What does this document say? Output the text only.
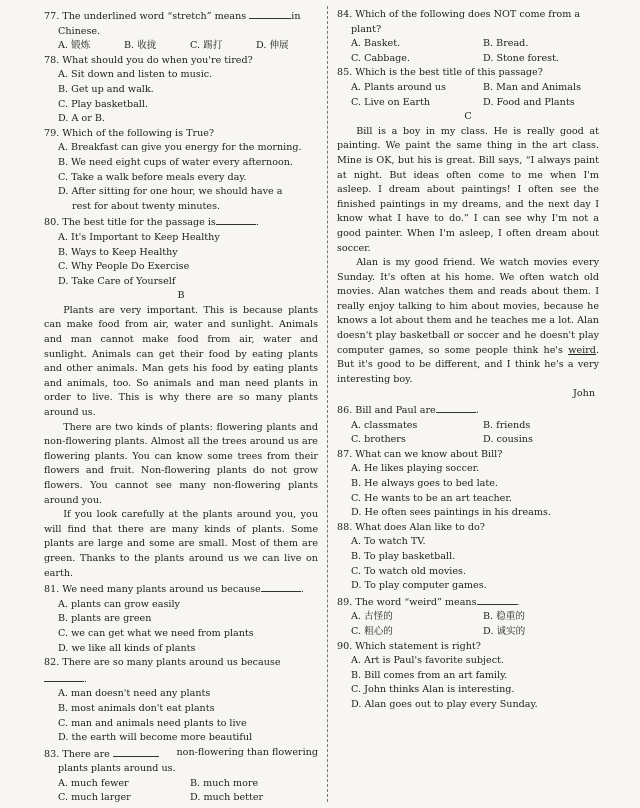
77. The underlined word “stretch” means	in
Chinese.
A. 锻炼	B. 收拢	C. 踢打	D. 伸展
78. What should you do when you're tired?
A. Sit down and listen to music.
B. Get up and walk.
C. Play basketball.
D. A or B.
79. Which of the following is True?
A. Breakfast can give you energy for the morning.
B. We need eight cups of water every afternoon.
C. Take a walk before meals every day.
D. After sitting for one hour, we should have a
rest for about twenty minutes.
80. The best title for the passage is	.
A. It's Important to Keep Healthy
B. Ways to Keep Healthy
C. Why People Do Exercise
D. Take Care of Yourself
B

Plants are very important. This is because plants can make food from air, water and sunlight. Animals and man cannot make food from air, water and sunlight. Animals can get their food by eating plants and other animals. Man gets his food by eating plants and animals, too. So animals and man need plants in order to live. This is why there are so many plants around us.

There are two kinds of plants: flowering plants and non-flowering plants. Almost all the trees around us are flowering plants. You can know some trees from their flowers and fruit. Non-flowering plants do not grow flowers. You cannot see many non-flowering plants around you.

If you look carefully at the plants around you, you will find that there are many kinds of plants. Some plants are large and some are small. Most of them are green. Thanks to the plants around us we can live on earth.

81. We need many plants around us because	.
A. plants can grow easily
B. plants are green
C. we can get what we need from plants
D. we like all kinds of plants
82. There are so many plants around us because.
A. man doesn't need any plants
B. most animals don't eat plants
C. man and animals need plants to live
D. the earth will become more beautiful
83. There are	non-flowering than flowering
plants plants around us.
A. much fewer	B. much more
C. much larger	D. much better
84. Which of the following does NOT come from a
plant?
A. Basket.	B. Bread.
C. Cabbage.	D. Stone forest.
85. Which is the best title of this passage?
A. Plants around us	B. Man and Animals
C. Live on Earth	D. Food and Plants
C

Bill is a boy in my class. He is really good at painting. We paint the same thing in the art class. Mine is OK, but his is great. Bill says, “I always paint at night. But ideas often come to me when I'm asleep. I dream about paintings! I often see the finished paintings in my dreams, and the next day I know what I have to do.” I can see why I'm not a good painter. When I'm asleep, I often dream about soccer.

Alan is my good friend. We watch movies every Sunday. It's often at his home. We often watch old movies. Alan watches them and reads about them. I really enjoy talking to him about movies, because he knows a lot about them and he teaches me a lot. Alan doesn't play basketball or soccer and he doesn't play computer games, so some people think he's weird. But it's good to be different, and I think he's a very interesting boy.

John

86. Bill and Paul are	.
A. classmates	B. friends
C. brothers	D. cousins
87. What can we know about Bill?
A. He likes playing soccer.
B. He always goes to bed late.
C. He wants to be an art teacher.
D. He often sees paintings in his dreams.
88. What does Alan like to do?
A. To watch TV.
B. To play basketball.
C. To watch old movies.
D. To play computer games.
89. The word “weird” means	.
A. 古怪的	B. 稳重的
C. 粗心的	D. 诚实的
90. Which statement is right?
A. Art is Paul's favorite subject.
B. Bill comes from an art family.
C. John thinks Alan is interesting.
D. Alan goes out to play every Sunday.
